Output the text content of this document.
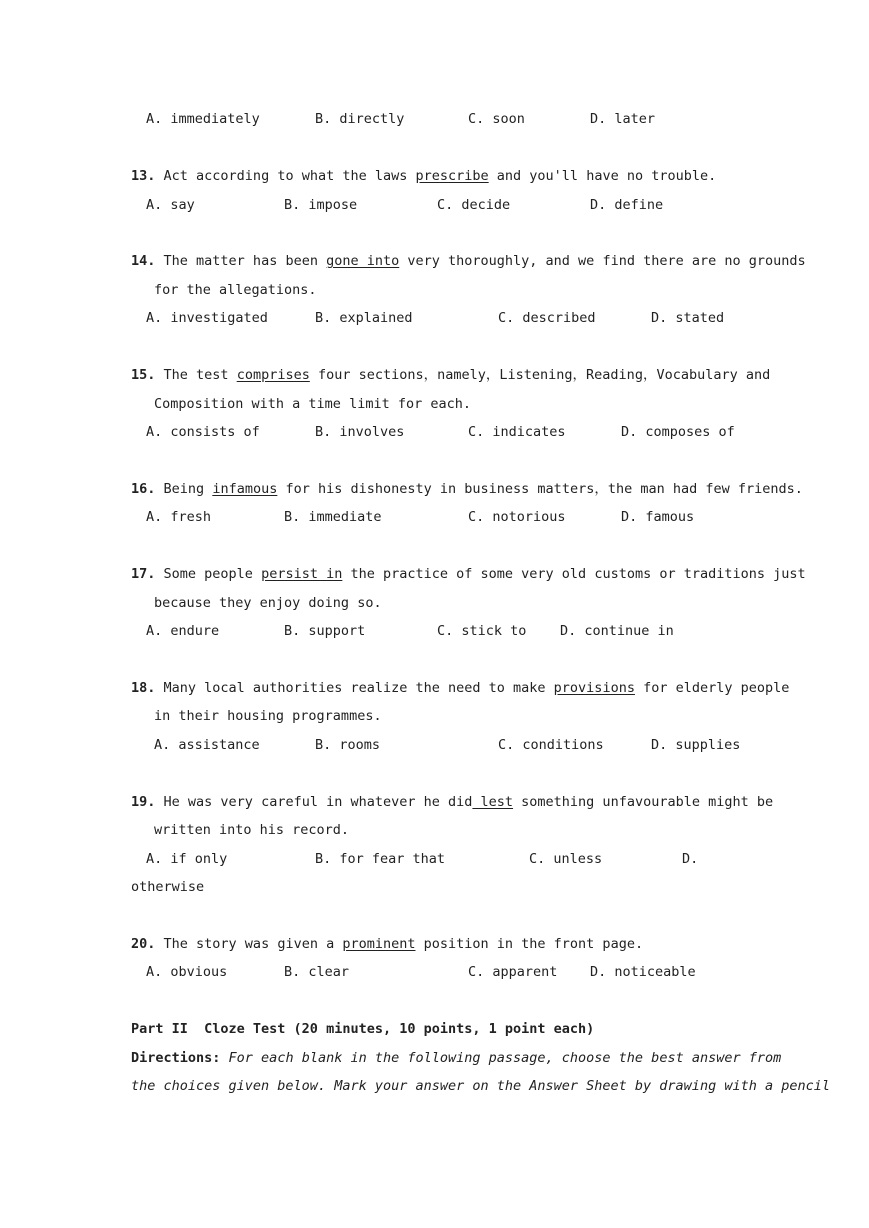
A. immediately	B. directly	C. soon	D. later
13. Act according to what the laws prescribe and you'll have no trouble.
A. say	B. impose	C. decide	D. define
14. The matter has been gone into very thoroughly, and we find there are no grounds
for the allegations.
A. investigated	B. explained	C. described	D. stated
15. The test comprises four sections，namely，Listening，Reading，Vocabulary and
Composition with a time limit for each.
A. consists of	B. involves	C. indicates	D. composes of
16. Being infamous for his dishonesty in business matters，the man had few friends.
A. fresh	B. immediate	C. notorious	D. famous
17. Some people persist in the practice of some very old customs or traditions just
because they enjoy doing so.
A. endure	B. support	C. stick to D. continue in
18. Many local authorities realize the need to make provisions for elderly people
in their housing programmes.
A. assistance	B. rooms	C. conditions	D. supplies
19. He was very careful in whatever he did lest something unfavourable might be
written into his record.
A. if only	B. for fear that	C. unless	D.
otherwise
20. The story was given a prominent position in the front page.
A. obvious	B. clear	C. apparent D. noticeable
Part II  Cloze Test (20 minutes, 10 points, 1 point each)
Directions: For each blank in the following passage, choose the best answer from
the choices given below. Mark your answer on the Answer Sheet by drawing with a pencil
